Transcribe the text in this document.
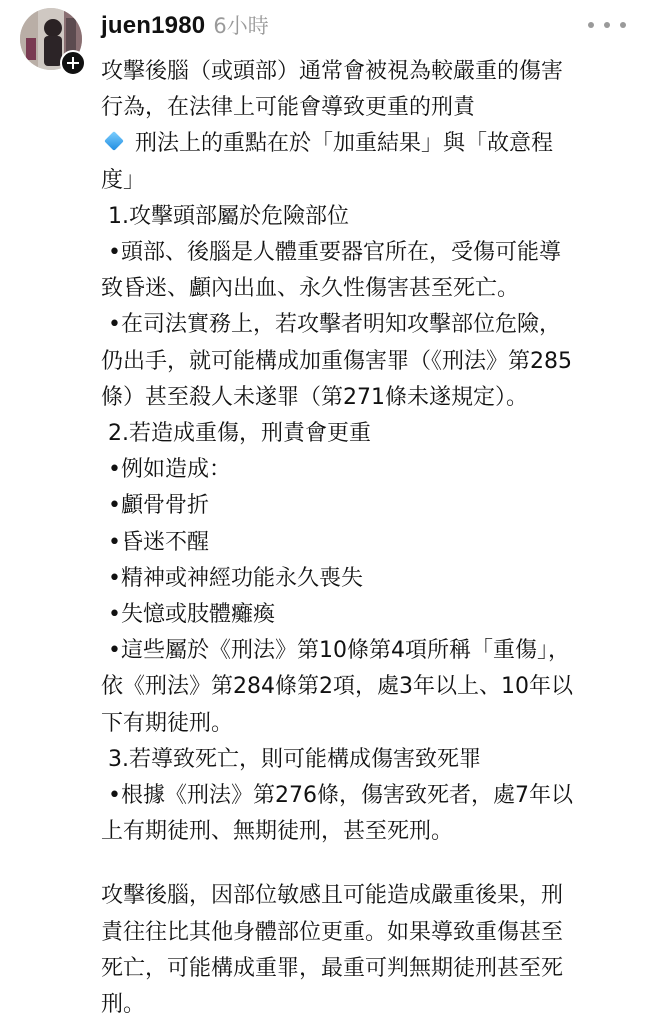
juen1980 6小時

攻擊後腦（或頭部）通常會被視為較嚴重的傷害

行為，在法律上可能會導致更重的刑責

刑法上的重點在於「加重結果」與「故意程

度」

1.攻擊頭部屬於危險部位

•頭部、後腦是人體重要器官所在，受傷可能導

致昏迷、顱內出血、永久性傷害甚至死亡。

•在司法實務上，若攻擊者明知攻擊部位危險，

仍出手，就可能構成加重傷害罪（《刑法》第285

條）甚至殺人未遂罪（第271條未遂規定）。

2.若造成重傷，刑責會更重

•例如造成：

•顱骨骨折

•昏迷不醒

•精神或神經功能永久喪失

•失憶或肢體癱瘓

•這些屬於《刑法》第10條第4項所稱「重傷」，

依《刑法》第284條第2項，處3年以上、10年以

下有期徒刑。

3.若導致死亡，則可能構成傷害致死罪

•根據《刑法》第276條，傷害致死者，處7年以

上有期徒刑、無期徒刑，甚至死刑。

攻擊後腦，因部位敏感且可能造成嚴重後果，刑

責往往比其他身體部位更重。如果導致重傷甚至

死亡，可能構成重罪，最重可判無期徒刑甚至死

刑。
